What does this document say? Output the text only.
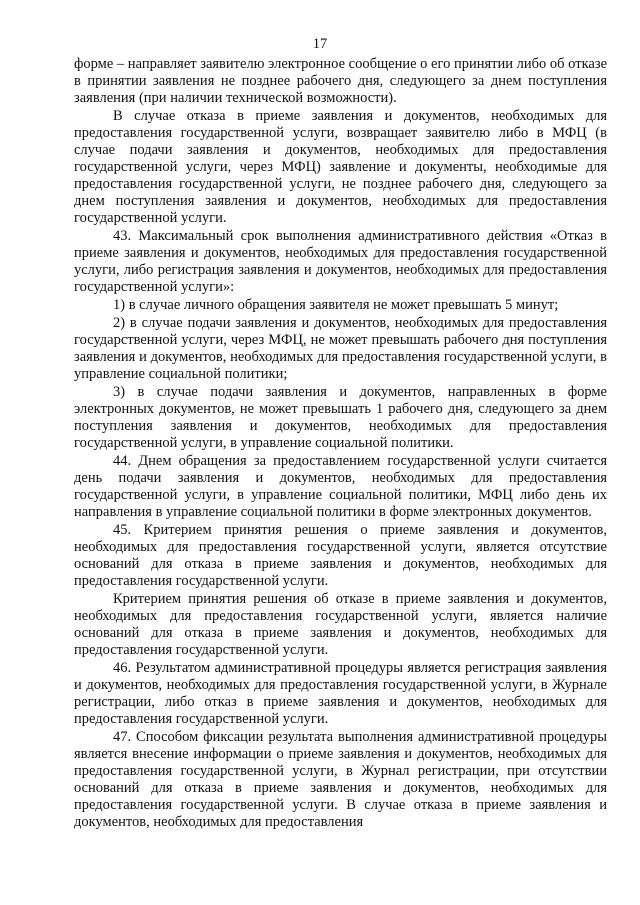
17

форме – направляет заявителю электронное сообщение о его принятии либо об отказе в принятии заявления не позднее рабочего дня, следующего за днем поступления заявления (при наличии технической возможности).

В случае отказа в приеме заявления и документов, необходимых для предоставления государственной услуги, возвращает заявителю либо в МФЦ (в случае подачи заявления и документов, необходимых для предоставления государственной услуги, через МФЦ) заявление и документы, необходимые для предоставления государственной услуги, не позднее рабочего дня, следующего за днем поступления заявления и документов, необходимых для предоставления государственной услуги.

43. Максимальный срок выполнения административного действия «Отказ в приеме заявления и документов, необходимых для предоставления государственной услуги, либо регистрация заявления и документов, необходимых для предоставления государственной услуги»:

1) в случае личного обращения заявителя не может превышать 5 минут;

2) в случае подачи заявления и документов, необходимых для предоставления государственной услуги, через МФЦ, не может превышать рабочего дня поступления заявления и документов, необходимых для предоставления государственной услуги, в управление социальной политики;

3) в случае подачи заявления и документов, направленных в форме электронных документов, не может превышать 1 рабочего дня, следующего за днем поступления заявления и документов, необходимых для предоставления государственной услуги, в управление социальной политики.

44. Днем обращения за предоставлением государственной услуги считается день подачи заявления и документов, необходимых для предоставления государственной услуги, в управление социальной политики, МФЦ либо день их направления в управление социальной политики в форме электронных документов.

45. Критерием принятия решения о приеме заявления и документов, необходимых для предоставления государственной услуги, является отсутствие оснований для отказа в приеме заявления и документов, необходимых для предоставления государственной услуги.

Критерием принятия решения об отказе в приеме заявления и документов, необходимых для предоставления государственной услуги, является наличие оснований для отказа в приеме заявления и документов, необходимых для предоставления государственной услуги.

46. Результатом административной процедуры является регистрация заявления и документов, необходимых для предоставления государственной услуги, в Журнале регистрации, либо отказ в приеме заявления и документов, необходимых для предоставления государственной услуги.

47. Способом фиксации результата выполнения административной процедуры является внесение информации о приеме заявления и документов, необходимых для предоставления государственной услуги, в Журнал регистрации, при отсутствии оснований для отказа в приеме заявления и документов, необходимых для предоставления государственной услуги. В случае отказа в приеме заявления и документов, необходимых для предоставления
